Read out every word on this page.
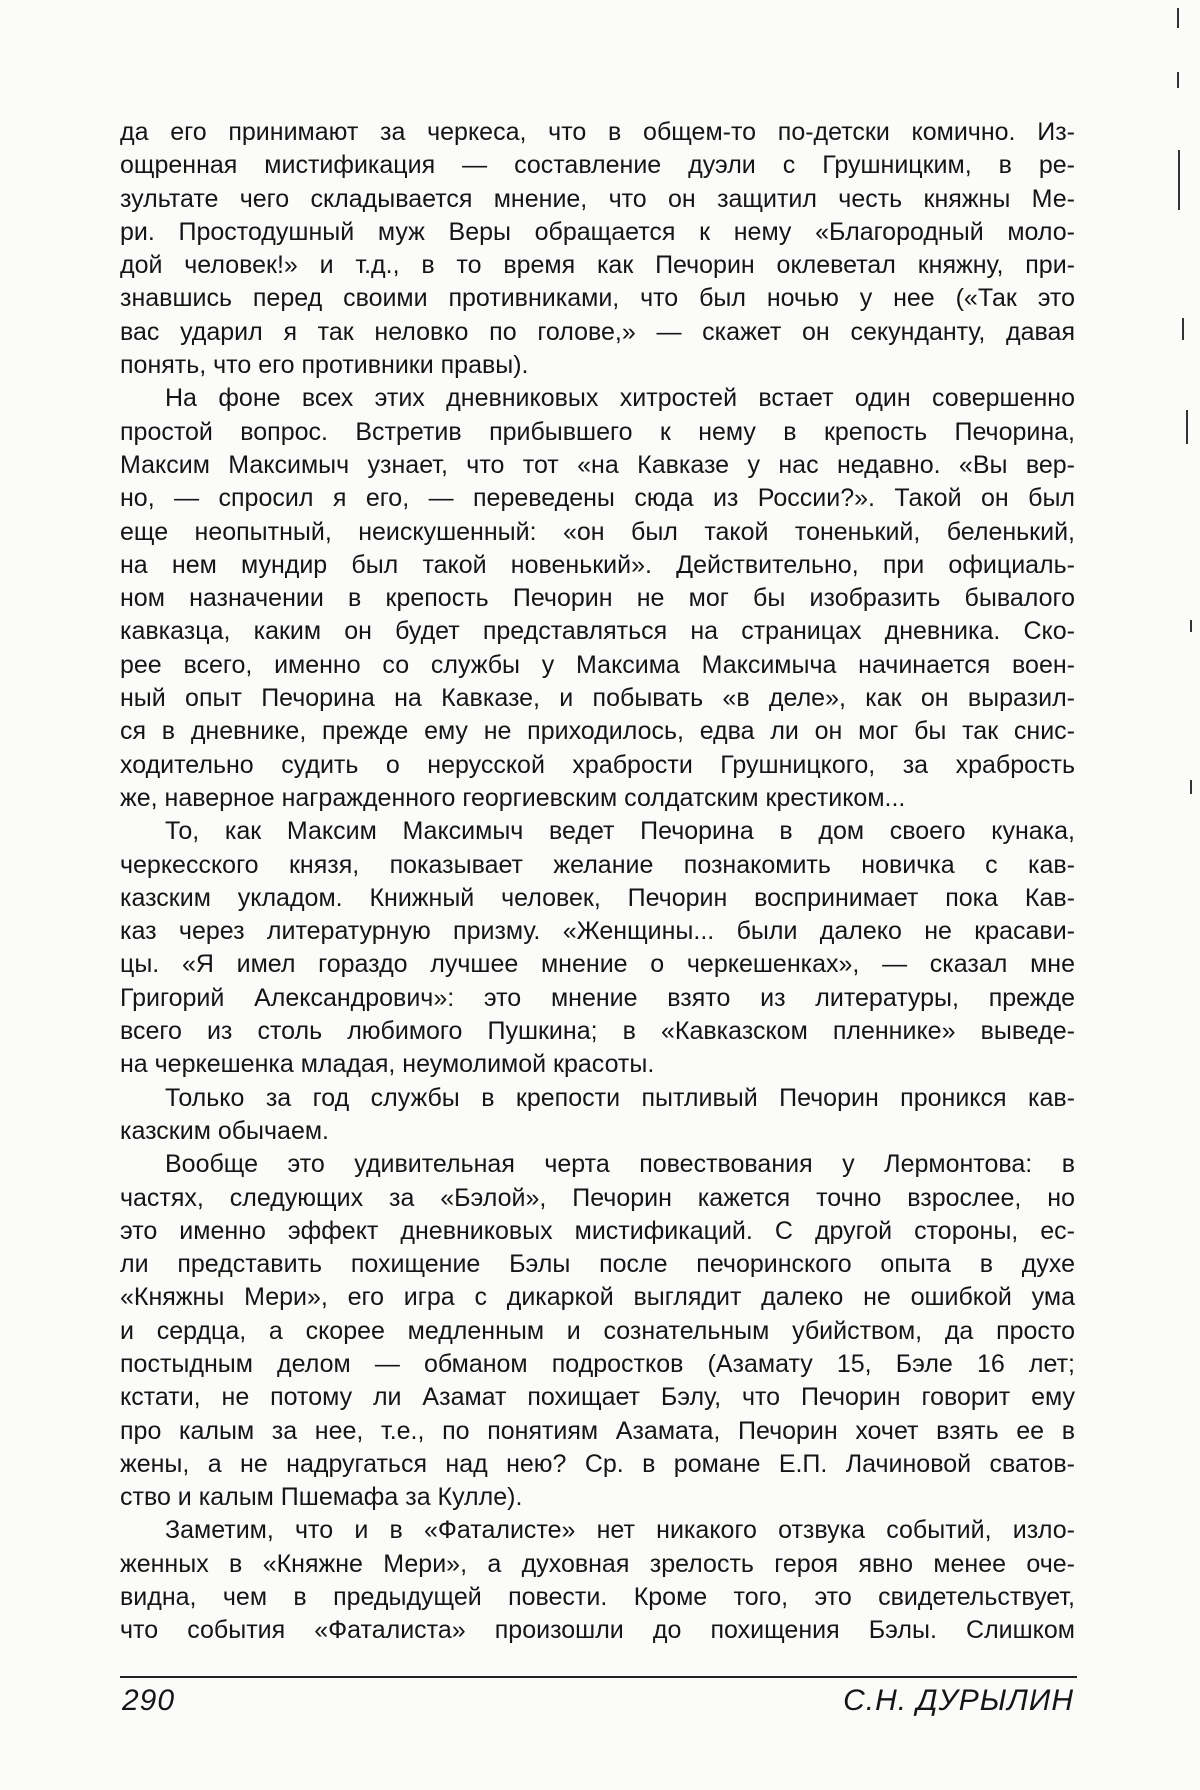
да его принимают за черкеса, что в общем-то по-детски комично. Из-
ощренная мистификация — составление дуэли с Грушницким, в ре-
зультате чего складывается мнение, что он защитил честь княжны Ме-
ри. Простодушный муж Веры обращается к нему «Благородный моло-
дой человек!» и т.д., в то время как Печорин оклеветал княжну, при-
знавшись перед своими противниками, что был ночью у нее («Так это
вас ударил я так неловко по голове,» — скажет он секунданту, давая
понять, что его противники правы).
На фоне всех этих дневниковых хитростей встает один совершенно
простой вопрос. Встретив прибывшего к нему в крепость Печорина,
Максим Максимыч узнает, что тот «на Кавказе у нас недавно. «Вы вер-
но, — спросил я его, — переведены сюда из России?». Такой он был
еще неопытный, неискушенный: «он был такой тоненький, беленький,
на нем мундир был такой новенький». Действительно, при официаль-
ном назначении в крепость Печорин не мог бы изобразить бывалого
кавказца, каким он будет представляться на страницах дневника. Ско-
рее всего, именно со службы у Максима Максимыча начинается воен-
ный опыт Печорина на Кавказе, и побывать «в деле», как он выразил-
ся в дневнике, прежде ему не приходилось, едва ли он мог бы так снис-
ходительно судить о нерусской храбрости Грушницкого, за храбрость
же, наверное награжденного георгиевским солдатским крестиком...
То, как Максим Максимыч ведет Печорина в дом своего кунака,
черкесского князя, показывает желание познакомить новичка с кав-
казским укладом. Книжный человек, Печорин воспринимает пока Кав-
каз через литературную призму. «Женщины... были далеко не красави-
цы. «Я имел гораздо лучшее мнение о черкешенках», — сказал мне
Григорий Александрович»: это мнение взято из литературы, прежде
всего из столь любимого Пушкина; в «Кавказском пленнике» выведе-
на черкешенка младая, неумолимой красоты.
Только за год службы в крепости пытливый Печорин проникся кав-
казским обычаем.
Вообще это удивительная черта повествования у Лермонтова: в
частях, следующих за «Бэлой», Печорин кажется точно взрослее, но
это именно эффект дневниковых мистификаций. С другой стороны, ес-
ли представить похищение Бэлы после печоринского опыта в духе
«Княжны Мери», его игра с дикаркой выглядит далеко не ошибкой ума
и сердца, а скорее медленным и сознательным убийством, да просто
постыдным делом — обманом подростков (Азамату 15, Бэле 16 лет;
кстати, не потому ли Азамат похищает Бэлу, что Печорин говорит ему
про калым за нее, т.е., по понятиям Азамата, Печорин хочет взять ее в
жены, а не надругаться над нею? Ср. в романе Е.П. Лачиновой сватов-
ство и калым Пшемафа за Кулле).
Заметим, что и в «Фаталисте» нет никакого отзвука событий, изло-
женных в «Княжне Мери», а духовная зрелость героя явно менее оче-
видна, чем в предыдущей повести. Кроме того, это свидетельствует,
что события «Фаталиста» произошли до похищения Бэлы. Слишком
290	С.Н. ДУРЫЛИН
